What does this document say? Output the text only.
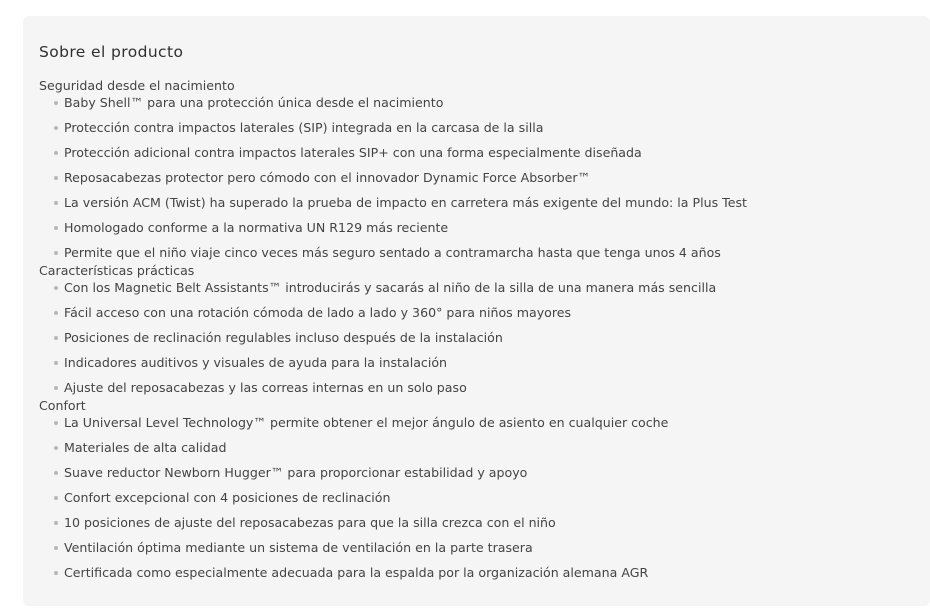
Sobre el producto

Seguridad desde el nacimiento

Baby Shell™ para una protección única desde el nacimiento
Protección contra impactos laterales (SIP) integrada en la carcasa de la silla
Protección adicional contra impactos laterales SIP+ con una forma especialmente diseñada
Reposacabezas protector pero cómodo con el innovador Dynamic Force Absorber™
La versión ACM (Twist) ha superado la prueba de impacto en carretera más exigente del mundo: la Plus Test
Homologado conforme a la normativa UN R129 más reciente
Permite que el niño viaje cinco veces más seguro sentado a contramarcha hasta que tenga unos 4 años

Características prácticas

Con los Magnetic Belt Assistants™ introducirás y sacarás al niño de la silla de una manera más sencilla
Fácil acceso con una rotación cómoda de lado a lado y 360° para niños mayores
Posiciones de reclinación regulables incluso después de la instalación
Indicadores auditivos y visuales de ayuda para la instalación
Ajuste del reposacabezas y las correas internas en un solo paso

Confort

La Universal Level Technology™ permite obtener el mejor ángulo de asiento en cualquier coche
Materiales de alta calidad
Suave reductor Newborn Hugger™ para proporcionar estabilidad y apoyo
Confort excepcional con 4 posiciones de reclinación
10 posiciones de ajuste del reposacabezas para que la silla crezca con el niño
Ventilación óptima mediante un sistema de ventilación en la parte trasera
Certificada como especialmente adecuada para la espalda por la organización alemana AGR
